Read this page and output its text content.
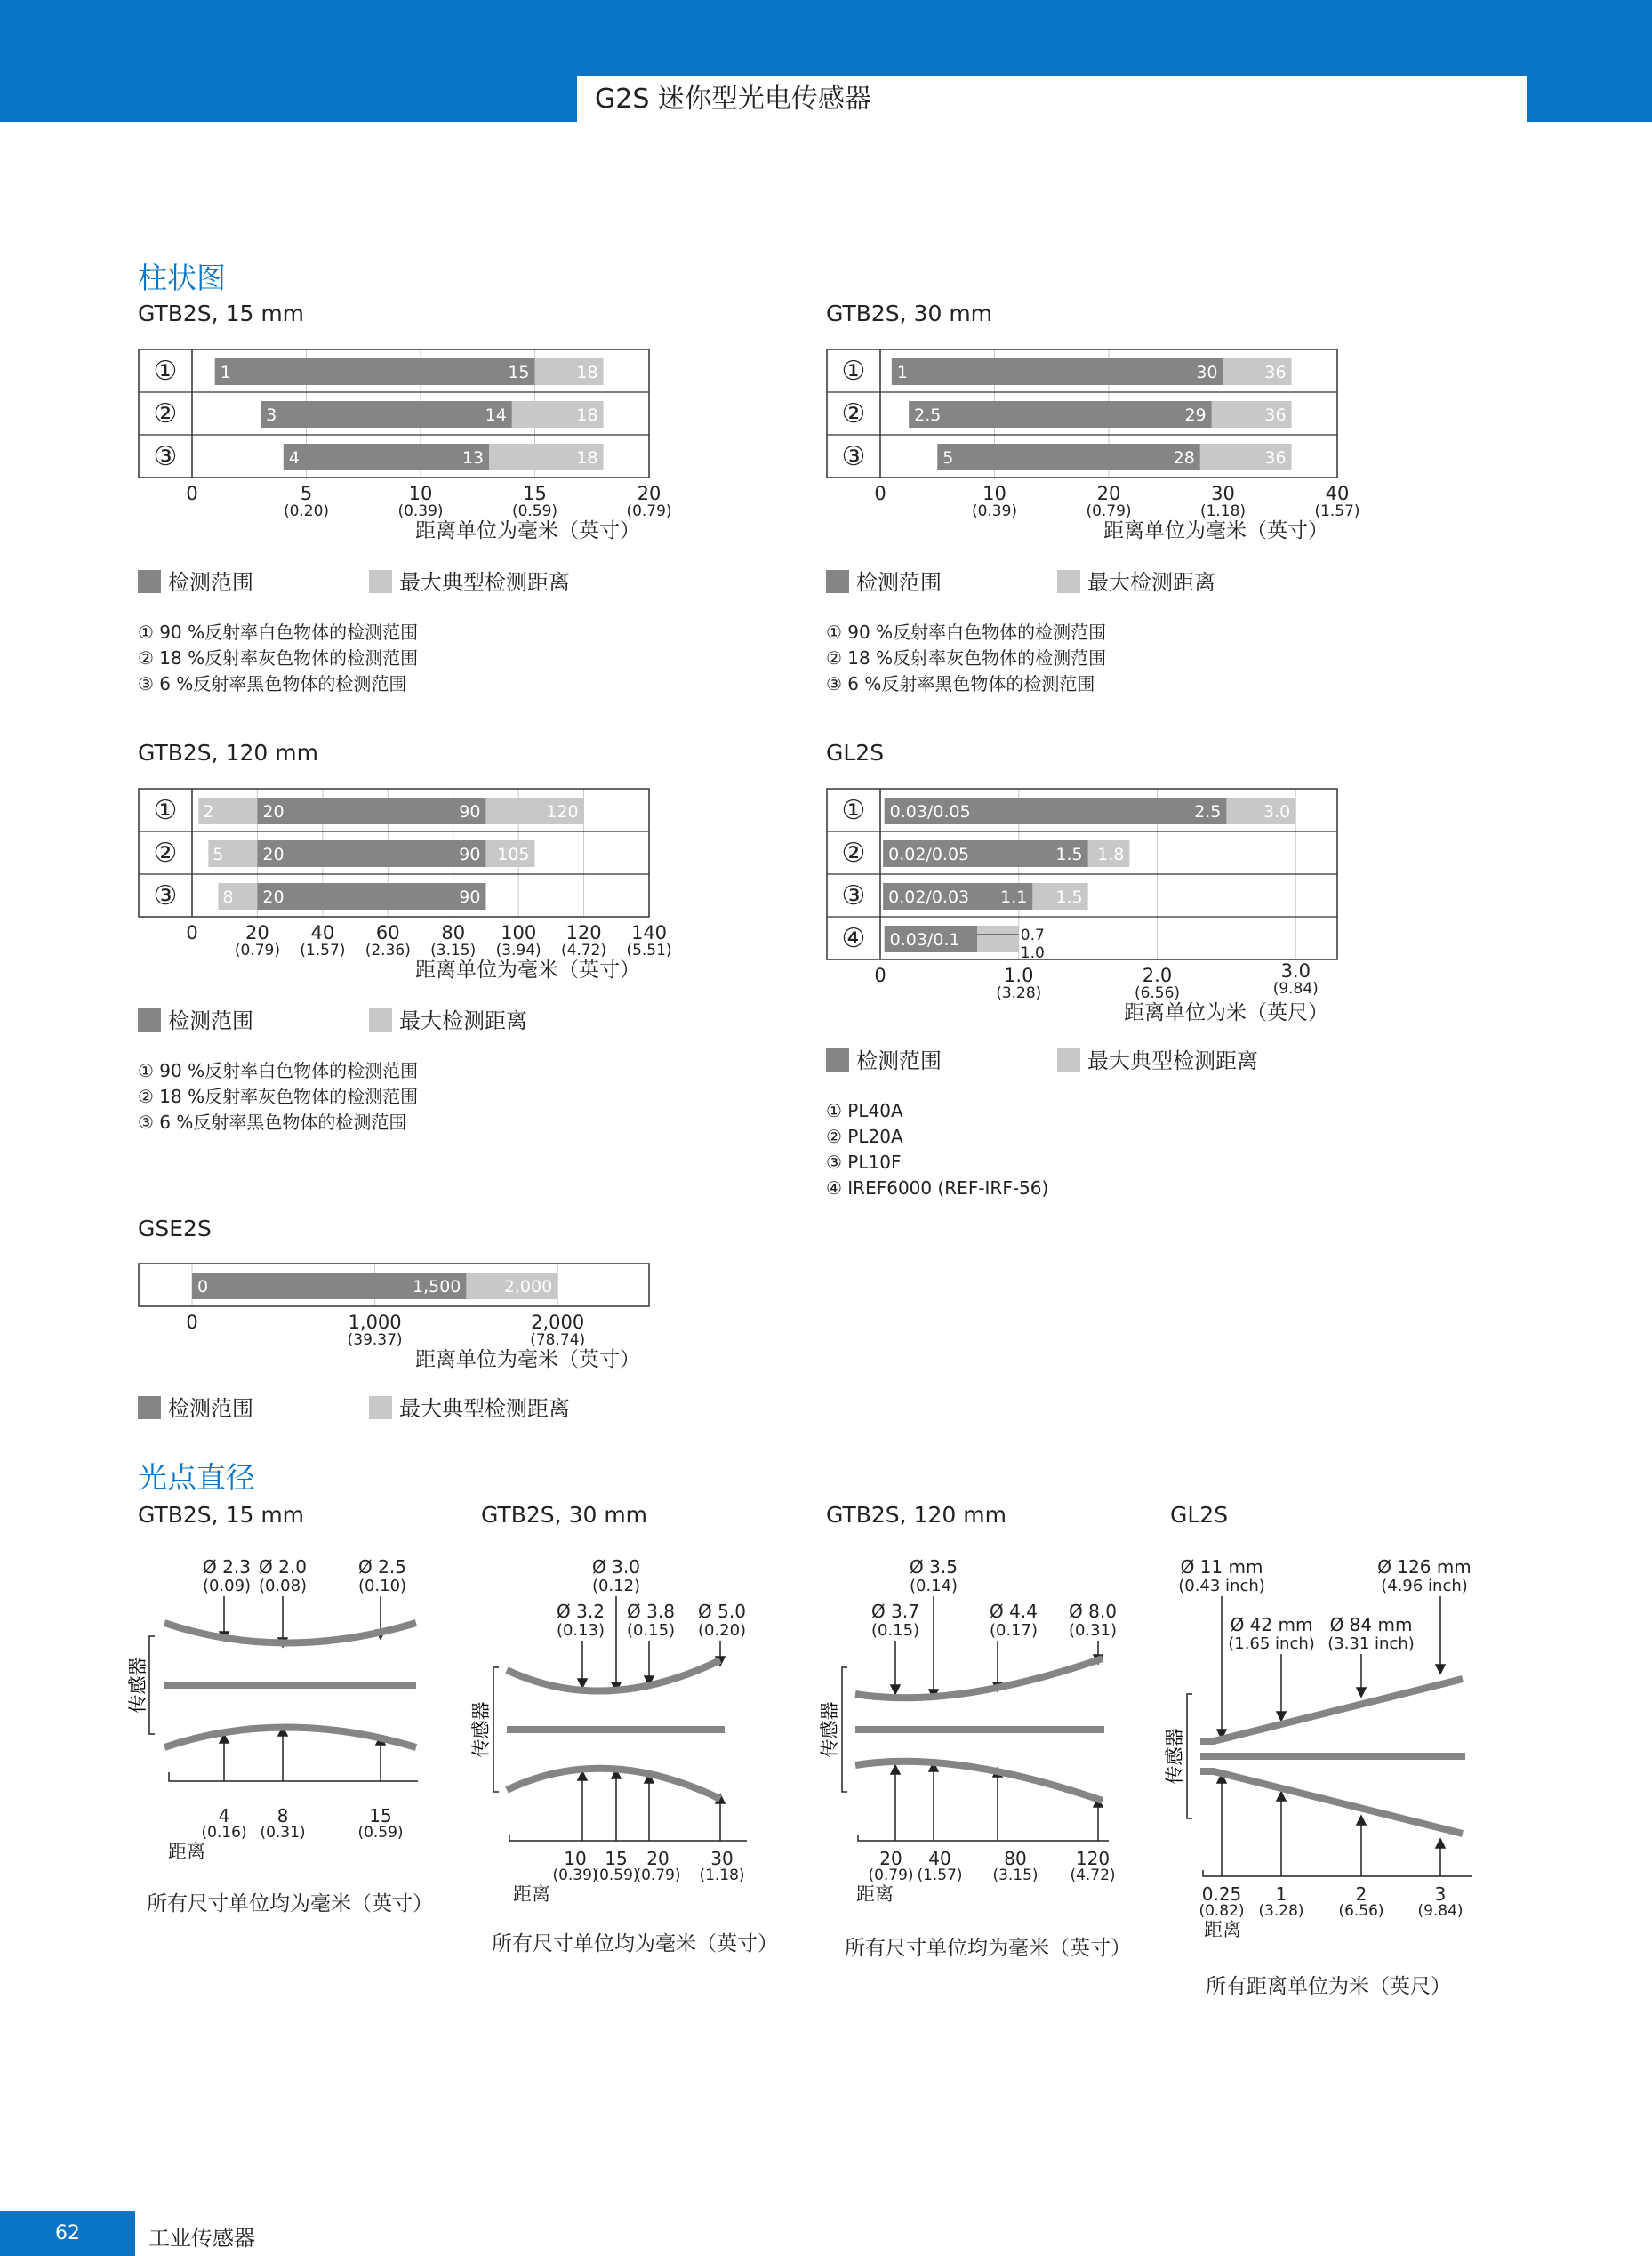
G2S 迷你型光电传感器
柱状图
光点直径
GTB2S, 15 mm	GTB2S, 30 mm
GTB2S, 120 mm	GL2S
GSE2S
①	1	15	18
②	3	14	18
③	4	13	18
0	5
(0.20)
10
(0.39)
15
(0.59)
20
(0.79)
距离单位为毫米（英寸）
① 1	30	36
②	2.5	29	36
③	5	28	36
0	10
(0.39)
20
(0.79)
30
(1.18)
40
(1.57)
距离单位为毫米（英寸）
① 2	20	90	120
② 5 20	90 105
③	8 20	90
0	20
(0.79)
40
(1.57)
60
(2.36)
80
(3.15)
100
(3.94)
120
(4.72)
140
(5.51)
距离单位为毫米（英寸）
① 0.03/0.05	2.5	3.0
② 0.02/0.05	1.5 1.8
③ 0.02/0.03 1.1 1.5
④ 0.03/0.1	0.7
1.0
0	1.0
(3.28)
2.0
(6.56)
3.0
(9.84)
距离单位为米（英尺）
0	1,500	2,000
0	1,000
(39.37)
2,000
(78.74)
距离单位为毫米（英寸）
检测范围	最大典型检测距离	检测范围	最大检测距离
检测范围	最大检测距离
检测范围	最大典型检测距离
检测范围	最大典型检测距离
① 90 %反射率白色物体的检测范围
② 18 %反射率灰色物体的检测范围
③ 6 %反射率黑色物体的检测范围
① 90 %反射率白色物体的检测范围
② 18 %反射率灰色物体的检测范围
③ 6 %反射率黑色物体的检测范围
① 90 %反射率白色物体的检测范围
② 18 %反射率灰色物体的检测范围
③ 6 %反射率黑色物体的检测范围
① PL40A
② PL20A
③ PL10F
④ IREF6000 (REF-IRF-56)
GTB2S, 15 mm	GTB2S, 30 mm	GTB2S, 120 mm	GL2S
Ø 2.3
(0.09)
Ø 2.0
(0.08)
Ø 2.5
(0.10)
传感器
4
(0.16)
8
(0.31)
15
(0.59)
距离
所有尺寸单位均为毫米（英寸）
Ø 3.0
(0.12)
Ø 3.2
(0.13)
Ø 3.8
(0.15)
Ø 5.0
(0.20)
传感器
10
(0.39)
15
(0.59)
20
(0.79)
30
(1.18)
距离
所有尺寸单位均为毫米（英寸）
Ø 3.5
(0.14)
Ø 3.7
(0.15)
Ø 4.4
(0.17)
Ø 8.0
(0.31)
传感器
20
(0.79)
40
(1.57)
80
(3.15)
120
(4.72)
距离
所有尺寸单位均为毫米（英寸）
Ø 11 mm
(0.43 inch)
Ø 126 mm
(4.96 inch)
Ø 42 mm
(1.65 inch)
Ø 84 mm
(3.31 inch)
传感器
0.25
(0.82)
1
(3.28)
2
(6.56)
3
(9.84)
距离
所有距离单位为米（英尺）
62	工业传感器
